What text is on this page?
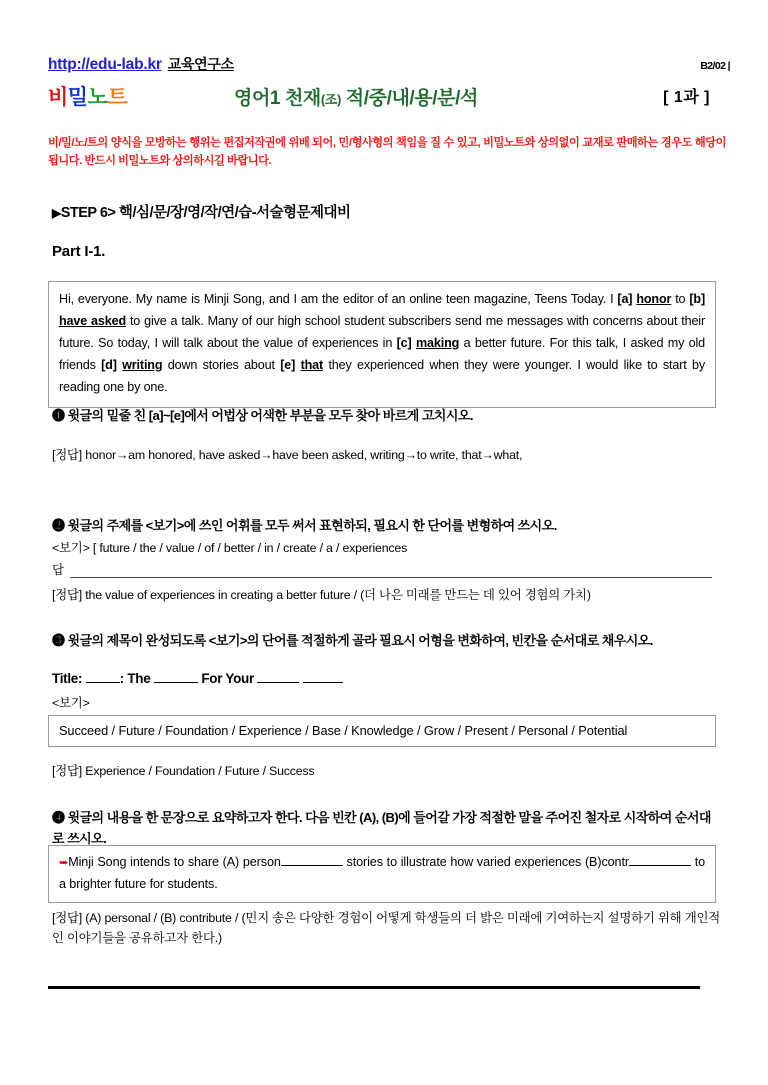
http://edu-lab.kr 교육연구소	B2/02 |
비밀노트	영어1 천재(조) 적/중/내/용/분/석	[ 1과 ]
비/밀/노/트의 양식을 모방하는 행위는 편집저작권에 위배 되어, 민/형사형의 책임을 질 수 있고, 비밀노트와 상의없이 교재로 판매하는 경우도 해당이 됩니다. 반드시 비밀노트와 상의하시길 바랍니다.
▶STEP 6> 핵/심/문/장/영/작/연/습-서술형문제대비
Part I-1.
Hi, everyone. My name is Minji Song, and I am the editor of an online teen magazine, Teens Today. I [a] honor to [b] have asked to give a talk. Many of our high school student subscribers send me messages with concerns about their future. So today, I will talk about the value of experiences in [c] making a better future. For this talk, I asked my old friends [d] writing down stories about [e] that they experienced when they were younger. I would like to start by reading one by one.
❶ 윗글의 밑줄 친 [a]~[e]에서 어법상 어색한 부분을 모두 찾아 바르게 고치시오.
[정답] honor→am honored, have asked→have been asked, writing→to write, that→what,
❷ 윗글의 주제를 <보기>에 쓰인 어휘를 모두 써서 표현하되, 필요시 한 단어를 변형하여 쓰시오.
<보기> [ future / the / value / of / better / in / create / a / experiences
답
[정답] the value of experiences in creating a better future / (더 나은 미래를 만드는 데 있어 경험의 가치)
❸ 윗글의 제목이 완성되도록 <보기>의 단어를 적절하게 골라 필요시 어형을 변화하여, 빈칸을 순서대로 채우시오.
Title:	: The	For Your
<보기>
Succeed / Future / Foundation / Experience / Base / Knowledge / Grow / Present / Personal / Potential
[정답] Experience / Foundation / Future / Success
❹ 윗글의 내용을 한 문장으로 요약하고자 한다. 다음 빈칸 (A), (B)에 들어갈 가장 적절한 말을 주어진 철자로 시작하여 순서대로 쓰시오.
➥Minji Song intends to share (A) person	stories to illustrate how varied experiences (B)contr	to a brighter future for students.
[정답] (A) personal / (B) contribute / (민지 송은 다양한 경험이 어떻게 학생들의 더 밝은 미래에 기여하는지 설명하기 위해 개인적인 이야기들을 공유하고자 한다.)
